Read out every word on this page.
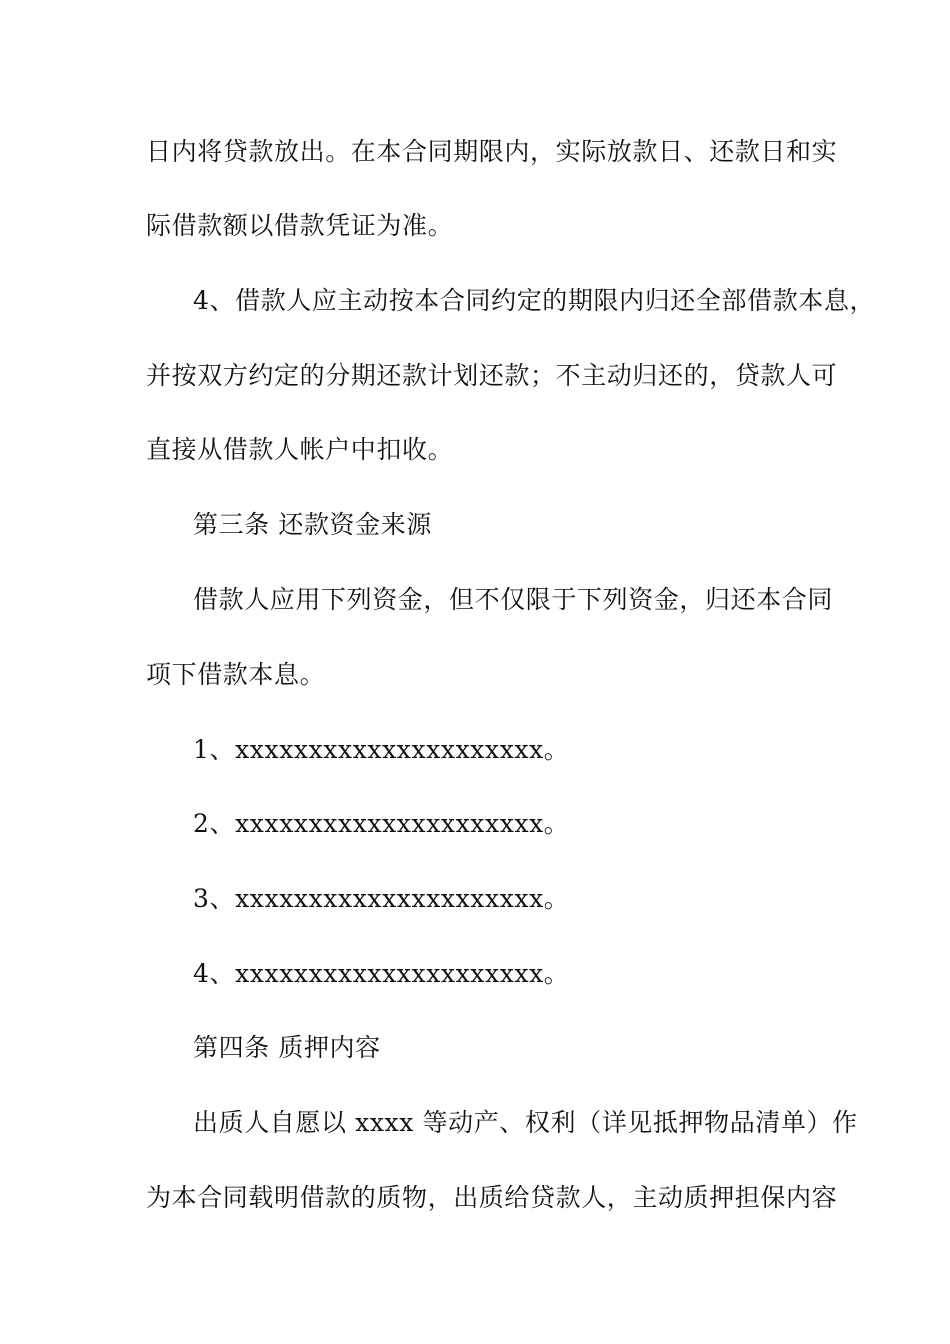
日内将贷款放出。在本合同期限内，实际放款日、还款日和实
际借款额以借款凭证为准。
4、借款人应主动按本合同约定的期限内归还全部借款本息，
并按双方约定的分期还款计划还款；不主动归还的，贷款人可
直接从借款人帐户中扣收。
第三条 还款资金来源
借款人应用下列资金，但不仅限于下列资金，归还本合同
项下借款本息。
1、xxxxxxxxxxxxxxxxxxxxx。
2、xxxxxxxxxxxxxxxxxxxxx。
3、xxxxxxxxxxxxxxxxxxxxx。
4、xxxxxxxxxxxxxxxxxxxxx。
第四条 质押内容
出质人自愿以 xxxx 等动产、权利（详见抵押物品清单）作
为本合同载明借款的质物，出质给贷款人，主动质押担保内容
